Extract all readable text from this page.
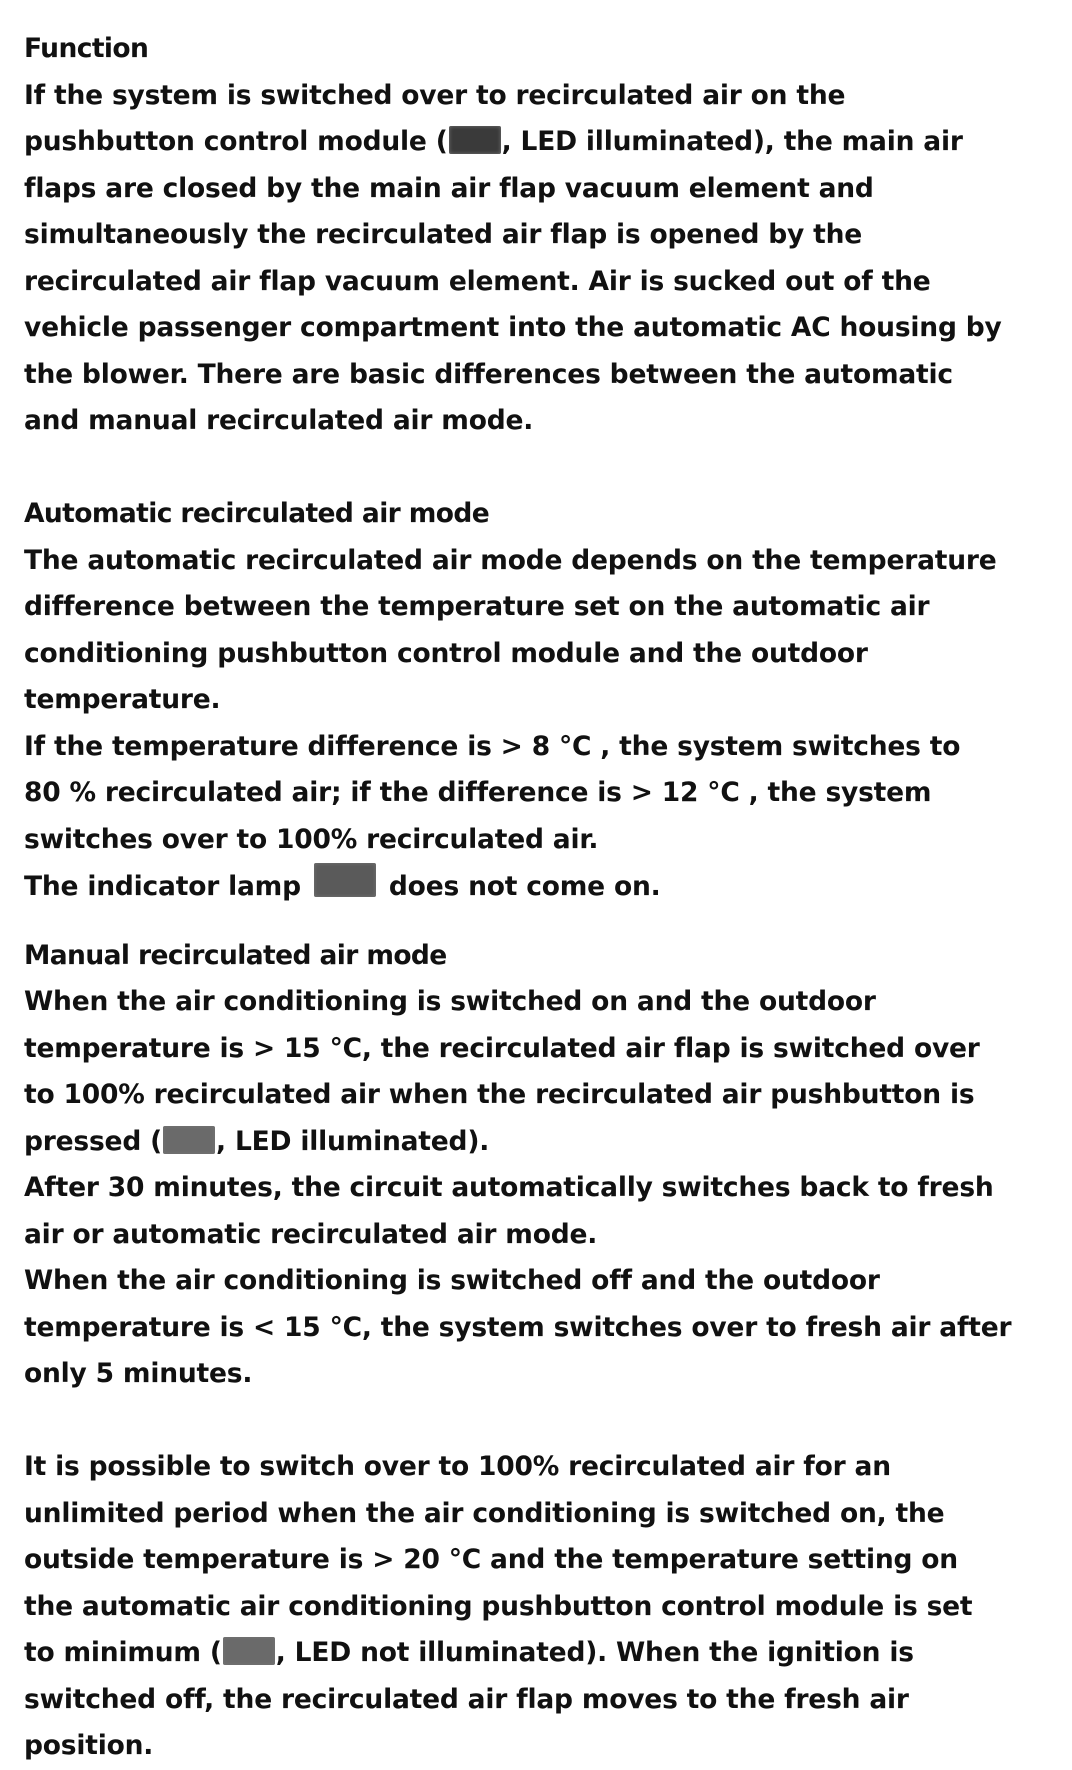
Function
If the system is switched over to recirculated air on the
pushbutton control module ( , LED illuminated), the main air
flaps are closed by the main air flap vacuum element and
simultaneously the recirculated air flap is opened by the
recirculated air flap vacuum element. Air is sucked out of the
vehicle passenger compartment into the automatic AC housing by
the blower. There are basic differences between the automatic
and manual recirculated air mode.
Automatic recirculated air mode
The automatic recirculated air mode depends on the temperature
difference between the temperature set on the automatic air
conditioning pushbutton control module and the outdoor
temperature.
If the temperature difference is > 8 °C , the system switches to
80 % recirculated air; if the difference is > 12 °C , the system
switches over to 100% recirculated air.
The indicator lamp	does not come on.
Manual recirculated air mode
When the air conditioning is switched on and the outdoor
temperature is > 15 °C, the recirculated air flap is switched over
to 100% recirculated air when the recirculated air pushbutton is
pressed ( , LED illuminated).
After 30 minutes, the circuit automatically switches back to fresh
air or automatic recirculated air mode.
When the air conditioning is switched off and the outdoor
temperature is < 15 °C, the system switches over to fresh air after
only 5 minutes.
It is possible to switch over to 100% recirculated air for an
unlimited period when the air conditioning is switched on, the
outside temperature is > 20 °C and the temperature setting on
the automatic air conditioning pushbutton control module is set
to minimum ( , LED not illuminated). When the ignition is
switched off, the recirculated air flap moves to the fresh air
position.
